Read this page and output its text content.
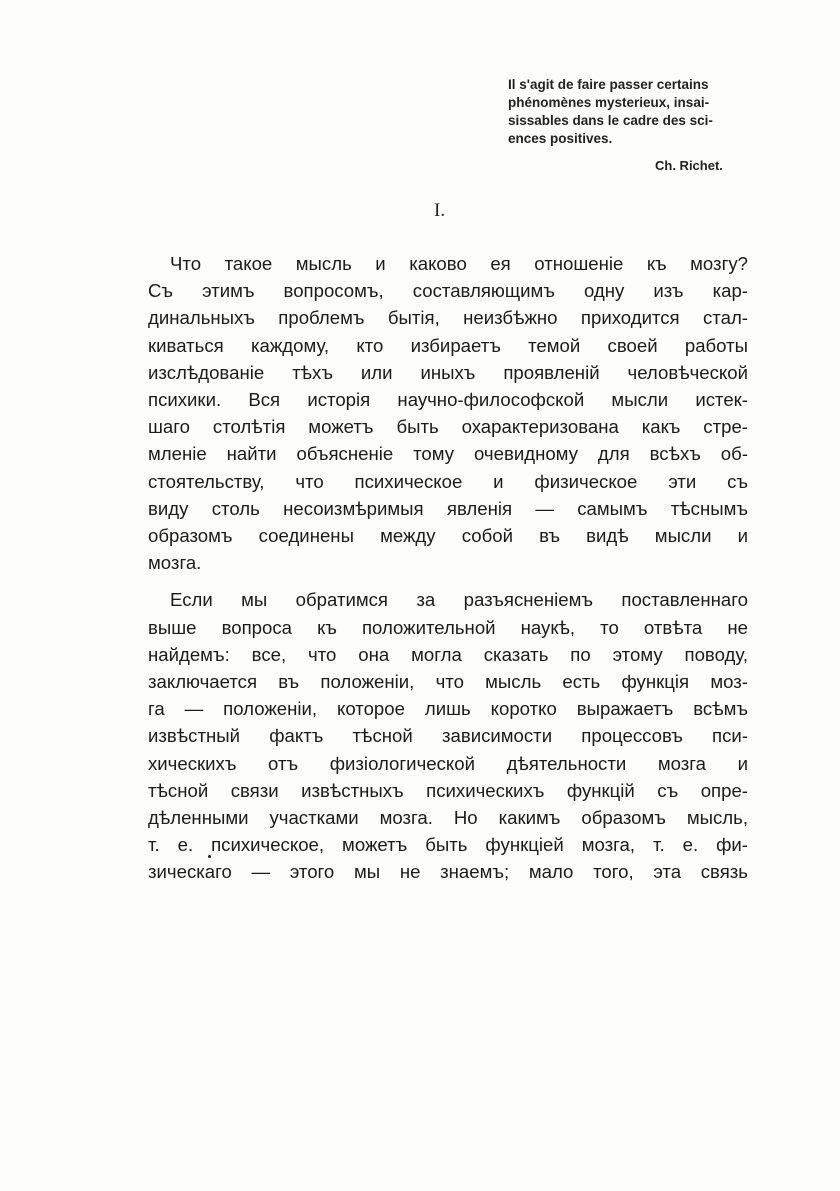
Il s'agit de faire passer certains
phénomènes mysterieux, insai-
sissables dans le cadre des sci-
ences positives.
Ch. Richet.
I.
Что такое мысль и каково ея отношеніе къ мозгу?
Съ этимъ вопросомъ, составляющимъ одну изъ кар-
динальныхъ проблемъ бытія, неизбѣжно приходится стал-
киваться каждому, кто избираетъ темой своей работы
изслѣдованіе тѣхъ или иныхъ проявленій человѣческой
психики. Вся исторія научно-философской мысли истек-
шаго столѣтія можетъ быть охарактеризована какъ стре-
мленіе найти объясненіе тому очевидному для всѣхъ об-
стоятельству, что психическое и физическое эти съ
виду столь несоизмѣримыя явленія — самымъ тѣснымъ
образомъ соединены между собой въ видѣ мысли и
мозга.
Если мы обратимся за разъясненіемъ поставленнаго
выше вопроса къ положительной наукѣ, то отвѣта не
найдемъ: все, что она могла сказать по этому поводу,
заключается въ положеніи, что мысль есть функція моз-
га — положеніи, которое лишь коротко выражаетъ всѣмъ
извѣстный фактъ тѣсной зависимости процессовъ пси-
хическихъ отъ физіологической дѣятельности мозга и
тѣсной связи извѣстныхъ психическихъ функцій съ опре-
дѣленными участками мозга. Но какимъ образомъ мысль,
т. е. психическое, можетъ быть функціей мозга, т. е. фи-
зическаго — этого мы не знаемъ; мало того, эта связь
